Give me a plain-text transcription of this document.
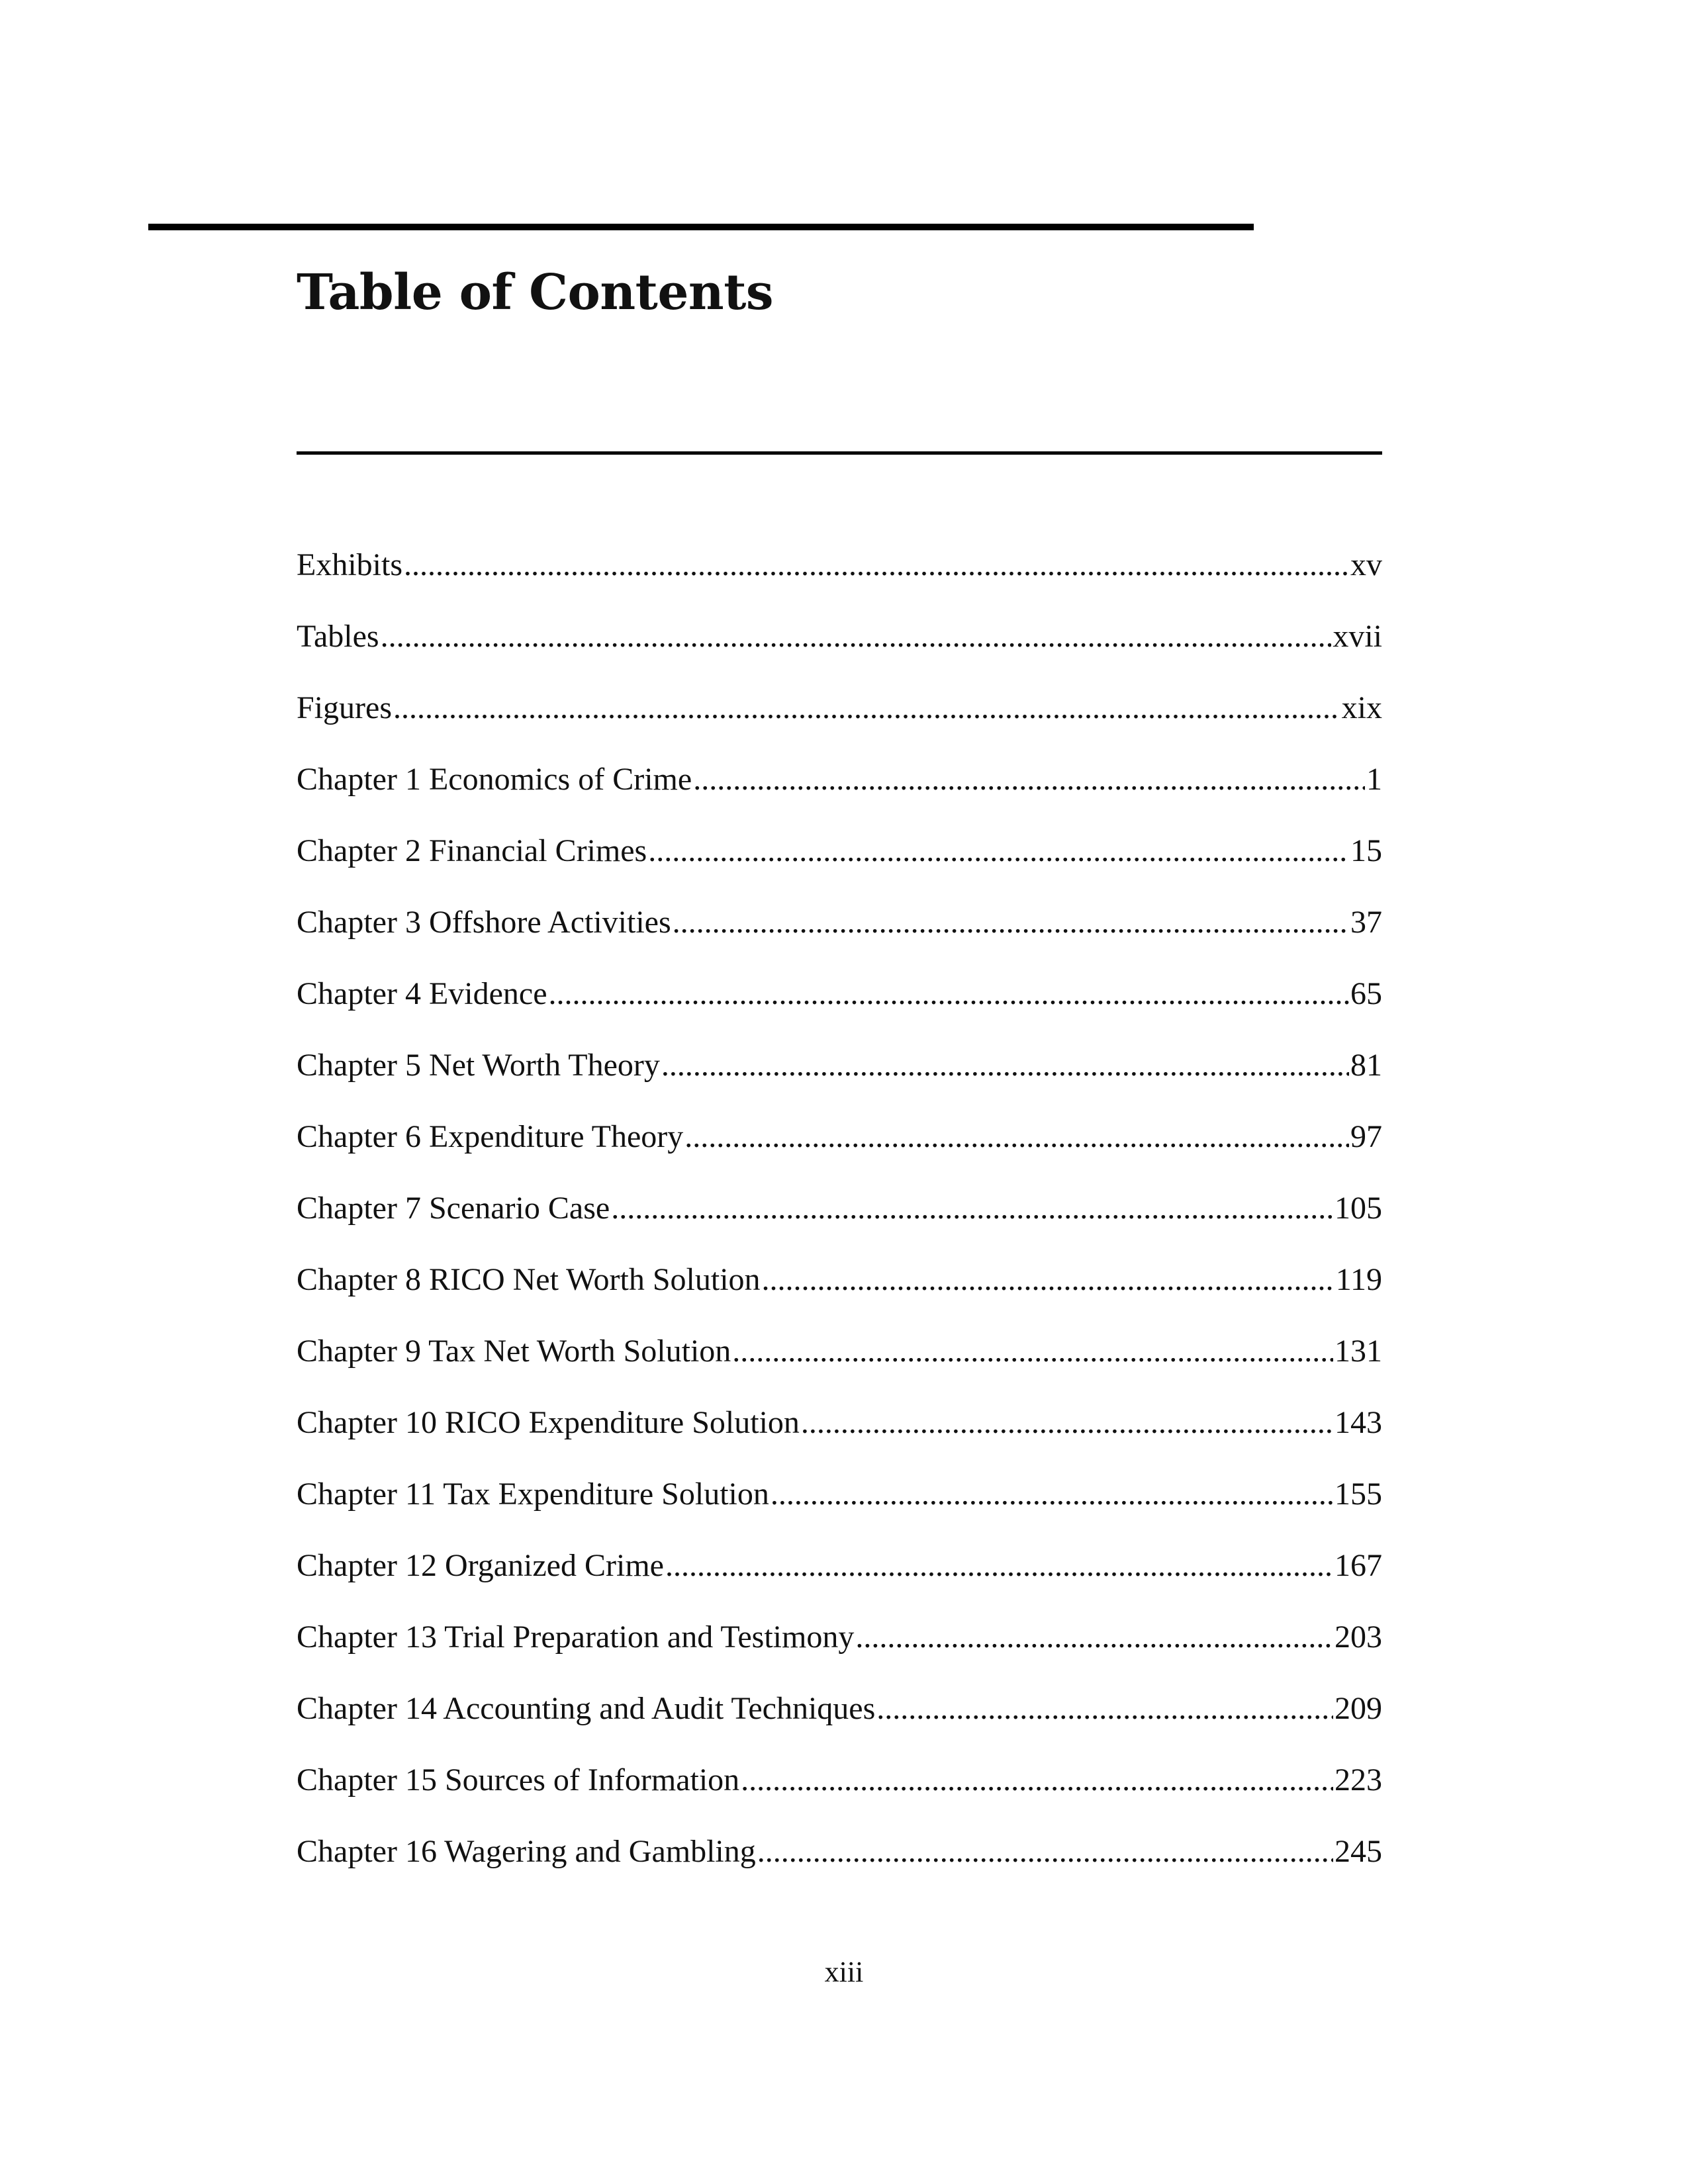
Table of Contents
Exhibits .....	xv
Tables .....	xvii
Figures .....	xix
Chapter 1 Economics of Crime .....	1
Chapter 2 Financial Crimes .....	15
Chapter 3 Offshore Activities .....	37
Chapter 4 Evidence .....	65
Chapter 5 Net Worth Theory .....	81
Chapter 6 Expenditure Theory .....	97
Chapter 7 Scenario Case .....	105
Chapter 8 RICO Net Worth Solution .....	119
Chapter 9 Tax Net Worth Solution .....	131
Chapter 10 RICO Expenditure Solution .....	143
Chapter 11 Tax Expenditure Solution .....	155
Chapter 12 Organized Crime .....	167
Chapter 13 Trial Preparation and Testimony .....	203
Chapter 14 Accounting and Audit Techniques .....	209
Chapter 15 Sources of Information .....	223
Chapter 16 Wagering and Gambling .....	245
xiii
